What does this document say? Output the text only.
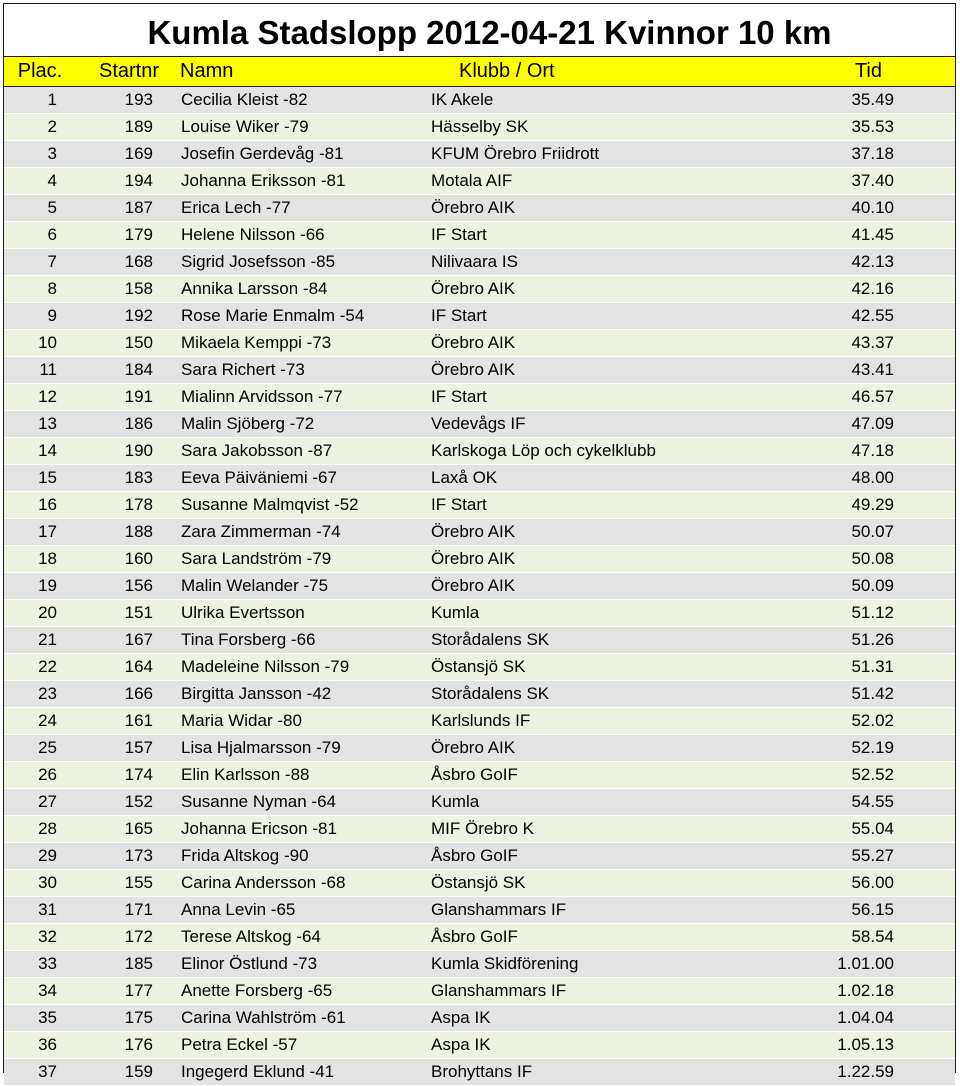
Kumla Stadslopp 2012-04-21 Kvinnor 10 km
Plac.	Startnr	Namn	Klubb / Ort	Tid
1	193	Cecilia Kleist -82	IK Akele	35.49
2	189	Louise Wiker -79	Hässelby SK	35.53
3	169	Josefin Gerdevåg -81	KFUM Örebro Friidrott	37.18
4	194	Johanna Eriksson -81	Motala AIF	37.40
5	187	Erica Lech -77	Örebro AIK	40.10
6	179	Helene Nilsson -66	IF Start	41.45
7	168	Sigrid Josefsson -85	Nilivaara IS	42.13
8	158	Annika Larsson -84	Örebro AIK	42.16
9	192	Rose Marie Enmalm -54	IF Start	42.55
10	150	Mikaela Kemppi -73	Örebro AIK	43.37
11	184	Sara Richert -73	Örebro AIK	43.41
12	191	Mialinn Arvidsson -77	IF Start	46.57
13	186	Malin Sjöberg -72	Vedevågs IF	47.09
14	190	Sara Jakobsson -87	Karlskoga Löp och cykelklubb	47.18
15	183	Eeva Päiväniemi -67	Laxå OK	48.00
16	178	Susanne Malmqvist -52	IF Start	49.29
17	188	Zara Zimmerman -74	Örebro AIK	50.07
18	160	Sara Landström -79	Örebro AIK	50.08
19	156	Malin Welander -75	Örebro AIK	50.09
20	151	Ulrika Evertsson	Kumla	51.12
21	167	Tina Forsberg -66	Storådalens SK	51.26
22	164	Madeleine Nilsson -79	Östansjö SK	51.31
23	166	Birgitta Jansson -42	Storådalens SK	51.42
24	161	Maria Widar -80	Karlslunds IF	52.02
25	157	Lisa Hjalmarsson -79	Örebro AIK	52.19
26	174	Elin Karlsson -88	Åsbro GoIF	52.52
27	152	Susanne Nyman -64	Kumla	54.55
28	165	Johanna Ericson -81	MIF Örebro K	55.04
29	173	Frida Altskog -90	Åsbro GoIF	55.27
30	155	Carina Andersson -68	Östansjö SK	56.00
31	171	Anna Levin -65	Glanshammars IF	56.15
32	172	Terese Altskog -64	Åsbro GoIF	58.54
33	185	Elinor Östlund -73	Kumla Skidförening	1.01.00
34	177	Anette Forsberg -65	Glanshammars IF	1.02.18
35	175	Carina Wahlström -61	Aspa IK	1.04.04
36	176	Petra Eckel -57	Aspa IK	1.05.13
37	159	Ingegerd Eklund -41	Brohyttans IF	1.22.59
